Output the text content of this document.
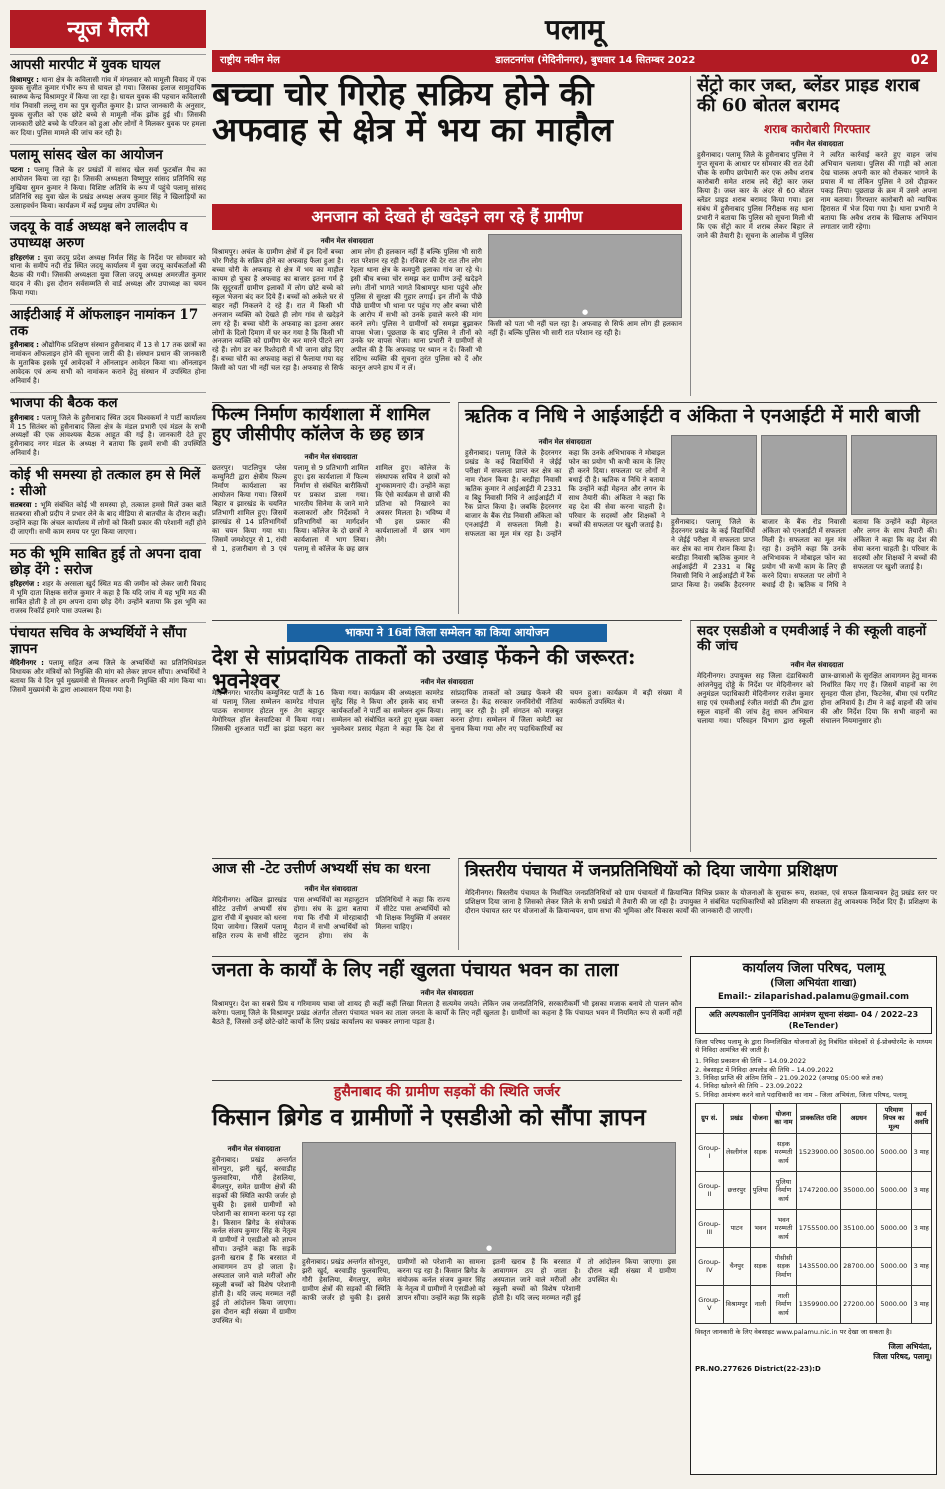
न्यूज गैलरी
आपसी मारपीट में युवक घायल

विश्रामपुर : थाना क्षेत्र के कविलासी गांव में मंगलवार को मामूली विवाद में एक युवक सुजीत कुमार गंभीर रूप से घायल हो गया। जिसका इलाज सामुदायिक स्वास्थ्य केन्द्र विश्रामपुर में किया जा रहा है। घायल युवक की पहचान कविलासी गांव निवासी लल्लू राम का पुत्र सुजीत कुमार है। प्राप्त जानकारी के अनुसार, युवक सुजीत को एक छोटे बच्चे से मामूली नोंक झोंक हुई थी। जिसकी जानकारी छोटे बच्चे के परिजन को हुआ और लोगों ने मिलकर युवक पर हमला कर दिया। पुलिस मामले की जांच कर रही है।

पलामू सांसद खेल का आयोजन

पटना : पलामू जिले के हर प्रखंडों में सांसद खेल सर्वा फुटबॉल मैच का आयोजन किया जा रहा है। जिसकी अध्यक्षता विष्णुपुर सांसद प्रतिनिधि सह मुखिया सुमन कुमार ने किया। विशिष्ट अतिथि के रूप में पहुंचे पलामू सांसद प्रतिनिधि सह युवा खेल के प्रखंड अध्यक्ष अजय कुमार सिंह ने खिलाड़ियों का उत्साहवर्धन किया। कार्यक्रम में कई प्रमुख लोग उपस्थित थे।

जदयू के वार्ड अध्यक्ष बने लालदीप व उपाध्यक्ष अरुण

हरिहरगंज : युवा जदयू प्रदेश अध्यक्ष निर्मल सिंह के निर्देश पर सोमवार को थाना के समीप नदी रोड स्थित जदयू कार्यालय में युवा जदयू कार्यकर्ताओं की बैठक की गयी। जिसकी अध्यक्षता युवा जिला जदयू अध्यक्ष अमरजीत कुमार यादव ने की। इस दौरान सर्वसम्मति से वार्ड अध्यक्ष और उपाध्यक्ष का चयन किया गया।

आईटीआई में ऑफलाइन नामांकन 17 तक

हुसैनाबाद : औद्योगिक प्रशिक्षण संस्थान हुसैनाबाद में 13 से 17 तक छात्रों का नामांकन ऑफलाइन होने की सूचना जारी की है। संस्थान प्रधान की जानकारी के मुताबिक इसके पूर्व आवेदकों ने ऑनलाइन आवेदन किया था। ऑनलाइन आवेदक एवं अन्य सभी को नामांकन कराने हेतु संस्थान में उपस्थित होना अनिवार्य है।

भाजपा की बैठक कल

हुसैनाबाद : पलामू जिले के हुसैनाबाद स्थित उदय विश्वकर्मा ने पार्टी कार्यालय में 15 सितंबर को हुसैनाबाद जिला क्षेत्र के मंडल प्रभारी एवं मंडल के सभी अध्यक्षों की एक आवश्यक बैठक आहूत की गई है। जानकारी देते हुए हुसैनाबाद नगर मंडल के अध्यक्ष ने बताया कि इसमें सभी की उपस्थिति अनिवार्य है।

कोई भी समस्या हो तत्काल हम से मिलें : सीओ

सतबरवा : भूमि संबंधित कोई भी समस्या हो, तत्काल हमसे मिलें उक्त बातें सतबरवा सीओ प्रदीप ने प्रभार लेने के बाद मीडिया से बातचीत के दौरान कही। उन्होंने कहा कि अंचल कार्यालय में लोगों को किसी प्रकार की परेशानी नहीं होने दी जाएगी। सभी काम समय पर पूरा किया जाएगा।

मठ की भूमि साबित हुई तो अपना दावा छोड़ देंगे : सरोज

हरिहरगंज : शहर के अरसला खुर्द स्थित मठ की जमीन को लेकर जारी विवाद में भूमि दाता शिक्षक सरोज कुमार ने कहा है कि यदि जांच में यह भूमि मठ की साबित होती है तो हम अपना दावा छोड़ देंगे। उन्होंने बताया कि इस भूमि का राजस्व रिकॉर्ड हमारे पास उपलब्ध है।

पंचायत सचिव के अभ्यर्थियों ने सौंपा ज्ञापन

मेदिनीनगर : पलामू सहित अन्य जिले के अभ्यर्थियों का प्रतिनिधिमंडल विधायक और मंत्रियों को नियुक्ति की मांग को लेकर ज्ञापन सौंपा। अभ्यर्थियों ने बताया कि वे दिन पूर्व मुख्यमंत्री से मिलकर अपनी नियुक्ति की मांग किया था। जिसमें मुख्यमंत्री के द्वारा आश्वासन दिया गया है।

पलामू
राष्ट्रीय नवीन मेल	डालटनगंज (मेदिनीनगर), बुधवार 14 सितम्बर 2022	02
बच्चा चोर गिरोह सक्रिय होने की अफवाह से क्षेत्र में भय का माहौल
अनजान को देखते ही खदेड़ने लग रहे हैं ग्रामीण
नवीन मेल संवाददाता

विश्रामपुर। अचंल के ग्रामीण क्षेत्रों में इन दिनों बच्चा चोर गिरोह के सक्रिय होने का अफवाह फैला हुआ है। बच्चा चोरी के अफवाह से क्षेत्र में भय का माहौल कायम हो चुका है अफवाह का बाजार इतना गर्म है कि सूदूरवर्ती ग्रामीण इलाकों में लोग छोटे बच्चे को स्कूल भेजना बंद कर दिये हैं। बच्चों को अकेले घर से बाहर नहीं निकलने दे रहे हैं। रात में किसी भी अनजान व्यक्ति को देखते ही लोग गांव से खदेड़ने लग रहे हैं। बच्चा चोरी के अफवाह का इतना असर लोगों के दिलो दिमाग में घर कर गया है कि किसी भी अनजान व्यक्ति को ग्रामीण घेर कर मारने पीटने लग रहे हैं। लोग डर कर रिश्तेदारी में भी जाना छोड़ दिए हैं। बच्चा चोरी का अफवाह कहां से फैलाया गया यह किसी को पता भी नहीं चल रहा है। अफवाह से सिर्फ आम लोग ही हलकान नहीं हैं बल्कि पुलिस भी सारी रात परेशान रह रही है। रविवार की देर रात तीन लोग रेहला थाना क्षेत्र के कमपुरी इलाका गांव जा रहे थे। इसी बीच बच्चा चोर समझ कर ग्रामीण उन्हें खदेड़ने लगे। तीनों भागते भागते विश्रामपुर थाना पहुंचे और पुलिस से सुरक्षा की गुहार लगाई। इन तीनों के पीछे पीछे ग्रामीण भी थाना पर पहुंच गए और बच्चा चोरी के आरोप में सभी को उनके हवाले करने की मांग करने लगे। पुलिस ने ग्रामीणों को समझा बुझाकर वापस भेजा। पूछताछ के बाद पुलिस ने तीनों को उनके घर वापस भेजा। थाना प्रभारी ने ग्रामीणों से अपील की है कि अफवाह पर ध्यान न दें। किसी भी संदिग्ध व्यक्ति की सूचना तुरंत पुलिस को दें और कानून अपने हाथ में न लें।

●
किसी को पता भी नहीं चल रहा है। अफवाह से सिर्फ आम लोग ही हलकान नहीं हैं। बल्कि पुलिस भी सारी रात परेशान रह रही है।
सेंट्रो कार जब्त, ब्लेंडर प्राइड शराब की 60 बोतल बरामद
शराब कारोबारी गिरफ्तार
नवीन मेल संवाददाता

हुसैनाबाद। पलामू जिले के हुसैनाबाद पुलिस ने गुप्त सूचना के आधार पर सोमवार की रात देवी चौक के समीप छापेमारी कर एक अवैध शराब कारोबारी समेत शराब लदे सेंट्रो कार जब्त किया है। जब्त कार के अंदर से 60 बोतल ब्लेंडर प्राइड शराब बरामद किया गया। इस संबंध में हुसैनाबाद पुलिस निरीक्षक सह थाना प्रभारी ने बताया कि पुलिस को सूचना मिली थी कि एक सेंट्रो कार में शराब लेकर बिहार ले जाने की तैयारी है। सूचना के आलोक में पुलिस ने त्वरित कार्रवाई करते हुए वाहन जांच अभियान चलाया। पुलिस की गाड़ी को आता देख चालक अपनी कार को रोककर भागने के प्रयास में था लेकिन पुलिस ने उसे दौड़ाकर पकड़ लिया। पूछताछ के क्रम में उसने अपना नाम बताया। गिरफ्तार कारोबारी को न्यायिक हिरासत में भेज दिया गया है। थाना प्रभारी ने बताया कि अवैध शराब के खिलाफ अभियान लगातार जारी रहेगा।

फिल्म निर्माण कार्यशाला में शामिल हुए जीसीपीए कॉलेज के छह छात्र
नवीन मेल संवाददाता

छतरपुर। पाटलिपुत्र प्लेस कम्युनिटी द्वारा क्षेत्रीय फिल्म निर्माण कार्यशाला का आयोजन किया गया। जिसमें बिहार व झारखंड के चयनित प्रतिभागी शामिल हुए। जिसमें झारखंड से 14 प्रतिभागियों का चयन किया गया था। जिसमें जमशेदपुर से 1, रांची से 1, हजारीबाग से 3 एवं पलामू से 9 प्रतिभागी शामिल हुए। इस कार्यशाला में फिल्म निर्माण से संबंधित बारीकियों पर प्रकाश डाला गया। भारतीय सिनेमा के जाने माने कलाकारों और निर्देशकों ने प्रतिभागियों का मार्गदर्शन किया। कॉलेज के दो छात्रों ने कार्यशाला में भाग लिया। पलामू से कॉलेज के छह छात्र शामिल हुए। कॉलेज के संस्थापक सचिव ने छात्रों को शुभकामनाएं दी। उन्होंने कहा कि ऐसे कार्यक्रम से छात्रों की प्रतिभा को निखारने का अवसर मिलता है। भविष्य में भी इस प्रकार की कार्यशालाओं में छात्र भाग लेंगे।

ऋतिक व निधि ने आईआईटी व अंकिता ने एनआईटी में मारी बाजी
नवीन मेल संवाददाता

हुसैनाबाद। पलामू जिले के हैदरनगर प्रखंड के कई विद्यार्थियों ने जेईई परीक्षा में सफलता प्राप्त कर क्षेत्र का नाम रोशन किया है। बरडीहा निवासी ऋतिक कुमार ने आईआईटी में 2331 व बिट्टू निवासी निधि ने आईआईटी में रैंक प्राप्त किया है। जबकि हैदरनगर बाजार के बैंक रोड निवासी अंकिता को एनआईटी में सफलता मिली है। सफलता का मूल मंत्र रहा है। उन्होंने कहा कि उनके अभिभावक ने मोबाइल फोन का प्रयोग भी कभी काम के लिए ही करने दिया। सफलता पर लोगों ने बधाई दी है। ऋतिक व निधि ने बताया कि उन्होंने कड़ी मेहनत और लगन के साथ तैयारी की। अंकिता ने कहा कि वह देश की सेवा करना चाहती है। परिवार के सदस्यों और शिक्षकों ने बच्चों की सफलता पर खुशी जताई है।	हुसैनाबाद। पलामू जिले के हैदरनगर प्रखंड के कई विद्यार्थियों ने जेईई परीक्षा में सफलता प्राप्त कर क्षेत्र का नाम रोशन किया है। बरडीहा निवासी ऋतिक कुमार ने आईआईटी में 2331 व बिट्टू निवासी निधि ने आईआईटी में रैंक प्राप्त किया है। जबकि हैदरनगर बाजार के बैंक रोड निवासी अंकिता को एनआईटी में सफलता मिली है। सफलता का मूल मंत्र रहा है। उन्होंने कहा कि उनके अभिभावक ने मोबाइल फोन का प्रयोग भी कभी काम के लिए ही करने दिया। सफलता पर लोगों ने बधाई दी है। ऋतिक व निधि ने बताया कि उन्होंने कड़ी मेहनत और लगन के साथ तैयारी की। अंकिता ने कहा कि वह देश की सेवा करना चाहती है। परिवार के सदस्यों और शिक्षकों ने बच्चों की सफलता पर खुशी जताई है।

भाकपा ने 16वां जिला सम्मेलन का किया आयोजन
देश से सांप्रदायिक ताकतों को उखाड़ फेंकने की जरूरत: भुवनेश्वर	नवीन मेल संवाददाता

मेदिनीनगर। भारतीय कम्युनिस्ट पार्टी के 16 वां पलामू जिला सम्मेलन कामरेड गोपाल पाठक सभागार होटल गुरु तेग बहादुर मेमोरियल हॉल बेलवाटिका में किया गया। जिसकी शुरुआत पार्टी का झंडा फहरा कर किया गया। कार्यक्रम की अध्यक्षता कामरेड सुरेंद्र सिंह ने किया और इसके बाद सभी कार्यकर्ताओं ने पार्टी का सम्मेलन शुरू किया। सम्मेलन को संबोधित करते हुए मुख्य वक्ता भुवनेश्वर प्रसाद मेहता ने कहा कि देश से सांप्रदायिक ताकतों को उखाड़ फेंकने की जरूरत है। केंद्र सरकार जनविरोधी नीतियां लागू कर रही है। हमें संगठन को मजबूत करना होगा। सम्मेलन में जिला कमेटी का चुनाव किया गया और नए पदाधिकारियों का चयन हुआ। कार्यक्रम में बड़ी संख्या में कार्यकर्ता उपस्थित थे।

सदर एसडीओ व एमवीआई ने की स्कूली वाहनों की जांच
नवीन मेल संवाददाता

मेदिनीनगर। उपायुक्त सह जिला दंडाधिकारी आंजनेयुलु दोड्डे के निर्देश पर मेदिनीनगर को अनुमंडल पदाधिकारी मेदिनीनगर राजेश कुमार साह एवं एमवीआई रंजीत मरांडी की टीम द्वारा स्कूल वाहनों की जांच हेतु सघन अभियान चलाया गया। परिवहन विभाग द्वारा स्कूली छात्र-छात्राओं के सुरक्षित आवागमन हेतु मानक निर्धारित किए गए हैं। जिसमें वाहनों का रंग सुनहरा पीला होना, फिटनेस, बीमा एवं परमिट होना अनिवार्य है। टीम ने कई वाहनों की जांच की और निर्देश दिया कि सभी वाहनों का संचालन नियमानुसार हो।

आज सी -टेट उत्तीर्ण अभ्यर्थी संघ का धरना
नवीन मेल संवाददाता

मेदिनीनगर। अखिल झारखंड सीटेट उत्तीर्ण अभ्यर्थी संघ द्वारा राँची में बुधवार को धरना दिया जायेगा। जिसमें पलामू सहित राज्य के सभी सीटेट पास अभ्यर्थियों का महाजुटान होगा। संघ के द्वारा बताया गया कि राँची में मोरहाबादी मैदान में सभी अभ्यर्थियों को जुटान होगा। संघ के प्रतिनिधियों ने कहा कि राज्य में सीटेट पास अभ्यर्थियों को भी शिक्षक नियुक्ति में अवसर मिलना चाहिए।

त्रिस्तरीय पंचायत में जनप्रतिनिधियों को दिया जायेगा प्रशिक्षण

मेदिनीनगर। त्रिस्तरीय पंचायत के निर्वाचित जनप्रतिनिधियों को ग्राम पंचायतों में क्रियान्वित विभिन्न प्रकार के योजनाओं के सुचारू रूप, सशक्त, एवं सफल क्रियान्वयन हेतु प्रखंड स्तर पर प्रशिक्षण दिया जाना है जिसको लेकर जिले के सभी प्रखंडों में तैयारी की जा रही है। उपायुक्त ने संबंधित पदाधिकारियों को प्रशिक्षण की सफलता हेतु आवश्यक निर्देश दिए हैं। प्रशिक्षण के दौरान पंचायत स्तर पर योजनाओं के क्रियान्वयन, ग्राम सभा की भूमिका और विकास कार्यों की जानकारी दी जाएगी।

जनता के कार्यों के लिए नहीं खुलता पंचायत भवन का ताला
नवीन मेल संवाददाता

विश्रामपुर। देश का सबसे प्रिय व गरिमामय चाबा जो शायद ही कहीं कहीं लिखा मिलता है सत्यमेव जयते। लेकिन जब जनप्रतिनिधि, सरकारीकर्मी भी इसका मजाक बनाये तो पालन कौन करेगा। पलामू जिले के विश्रामपुर प्रखंड अंतर्गत तोलरा पंचायत भवन का ताला जनता के कार्यों के लिए नहीं खुलता है। ग्रामीणों का कहना है कि पंचायत भवन में नियमित रूप से कर्मी नहीं बैठते हैं, जिससे उन्हें छोटे-छोटे कार्यों के लिए प्रखंड कार्यालय का चक्कर लगाना पड़ता है।

हुसैनाबाद की ग्रामीण सड़कों की स्थिति जर्जर
किसान ब्रिगेड व ग्रामीणों ने एसडीओ को सौंपा ज्ञापन
नवीन मेल संवाददाता

हुसैनाबाद। प्रखंड अन्तर्गत सोनपुरा, झरी खुर्द, बरवाडीह फुलवारिया, गौरी हेसलिया, बेंगलपुर, समेत ग्रामीण क्षेत्रों की सड़कों की स्थिति काफी जर्जर हो चुकी है। इससे ग्रामीणों को परेशानी का सामना करना पड़ रहा है। किसान ब्रिगेड के संयोजक कर्नल संजय कुमार सिंह के नेतृत्व में ग्रामीणों ने एसडीओ को ज्ञापन सौंपा। उन्होंने कहा कि सड़कें इतनी खराब हैं कि बरसात में आवागमन ठप हो जाता है। अस्पताल जाने वाले मरीजों और स्कूली बच्चों को विशेष परेशानी होती है। यदि जल्द मरम्मत नहीं हुई तो आंदोलन किया जाएगा। इस दौरान बड़ी संख्या में ग्रामीण उपस्थित थे।

●

हुसैनाबाद। प्रखंड अन्तर्गत सोनपुरा, झरी खुर्द, बरवाडीह फुलवारिया, गौरी हेसलिया, बेंगलपुर, समेत ग्रामीण क्षेत्रों की सड़कों की स्थिति काफी जर्जर हो चुकी है। इससे ग्रामीणों को परेशानी का सामना करना पड़ रहा है। किसान ब्रिगेड के संयोजक कर्नल संजय कुमार सिंह के नेतृत्व में ग्रामीणों ने एसडीओ को ज्ञापन सौंपा। उन्होंने कहा कि सड़कें इतनी खराब हैं कि बरसात में आवागमन ठप हो जाता है। अस्पताल जाने वाले मरीजों और स्कूली बच्चों को विशेष परेशानी होती है। यदि जल्द मरम्मत नहीं हुई तो आंदोलन किया जाएगा। इस दौरान बड़ी संख्या में ग्रामीण उपस्थित थे।

कार्यालय जिला परिषद, पलामू
(जिला अभियंता शाखा)
Email:- zilaparishad.palamu@gmail.com
अति अल्पकालीन पुनर्निविदा आमंत्रण सूचना संख्या- 04 / 2022–23 (ReTender)
जिला परिषद पलामू के द्वारा निम्नलिखित योजनाओं हेतु निबंधित संवेदकों से ई-प्रोक्योरमेंट के माध्यम से निविदा आमंत्रित की जाती है।
1. निविदा प्रकाशन की तिथि – 14.09.2022
2. वेबसाइट में निविदा अपलोड की तिथि – 14.09.2022
3. निविदा प्राप्ति की अंतिम तिथि – 21.09.2022 (अपराह्न 05:00 बजे तक)
4. निविदा खोलने की तिथि – 23.09.2022
5. निविदा आमंत्रण करने वाले पदाधिकारी का नाम – जिला अभियंता, जिला परिषद, पलामू
ग्रुप सं.	प्रखंड	योजना	योजना का नाम	प्राक्कलित राशि	अग्रधन	परिमाण विपत्र का मूल्य	कार्य अवधि
Group-I	लेस्लीगंज	सड़क	सड़क मरम्मती कार्य	1523900.00	30500.00	5000.00	3 माह
Group-II	छत्तरपुर	पुलिया	पुलिया निर्माण कार्य	1747200.00	35000.00	5000.00	3 माह
Group-III	पाटन	भवन	भवन मरम्मती कार्य	1755500.00	35100.00	5000.00	3 माह
Group-IV	चैनपुर	सड़क	पीसीसी सड़क निर्माण	1435500.00	28700.00	5000.00	3 माह
Group-V	विश्रामपुर	नाली	नाली निर्माण कार्य	1359900.00	27200.00	5000.00	3 माह
विस्तृत जानकारी के लिए वेबसाइट www.palamu.nic.in पर देखा जा सकता है।
जिला अभियंता,
जिला परिषद, पलामू।
PR.NO.277626 District(22-23):D
